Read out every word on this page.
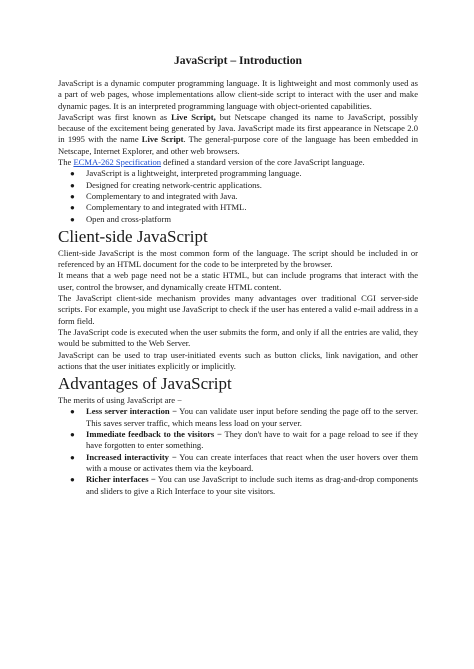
JavaScript – Introduction

JavaScript is a dynamic computer programming language. It is lightweight and most commonly used as a part of web pages, whose implementations allow client-side script to interact with the user and make dynamic pages. It is an interpreted programming language with object-oriented capabilities.

JavaScript was first known as Live Script, but Netscape changed its name to JavaScript, possibly because of the excitement being generated by Java. JavaScript made its first appearance in Netscape 2.0 in 1995 with the name Live Script. The general-purpose core of the language has been embedded in Netscape, Internet Explorer, and other web browsers.

The ECMA-262 Specification defined a standard version of the core JavaScript language.

● JavaScript is a lightweight, interpreted programming language.
● Designed for creating network-centric applications.
● Complementary to and integrated with Java.
● Complementary to and integrated with HTML.
● Open and cross-platform
Client-side JavaScript

Client-side JavaScript is the most common form of the language. The script should be included in or referenced by an HTML document for the code to be interpreted by the browser.

It means that a web page need not be a static HTML, but can include programs that interact with the user, control the browser, and dynamically create HTML content.

The JavaScript client-side mechanism provides many advantages over traditional CGI server-side scripts. For example, you might use JavaScript to check if the user has entered a valid e-mail address in a form field.

The JavaScript code is executed when the user submits the form, and only if all the entries are valid, they would be submitted to the Web Server.

JavaScript can be used to trap user-initiated events such as button clicks, link navigation, and other actions that the user initiates explicitly or implicitly.

Advantages of JavaScript

The merits of using JavaScript are −

● Less server interaction − You can validate user input before sending the page off to the server. This saves server traffic, which means less load on your server.
● Immediate feedback to the visitors − They don't have to wait for a page reload to see if they have forgotten to enter something.
● Increased interactivity − You can create interfaces that react when the user hovers over them with a mouse or activates them via the keyboard.
● Richer interfaces − You can use JavaScript to include such items as drag-and-drop components and sliders to give a Rich Interface to your site visitors.
